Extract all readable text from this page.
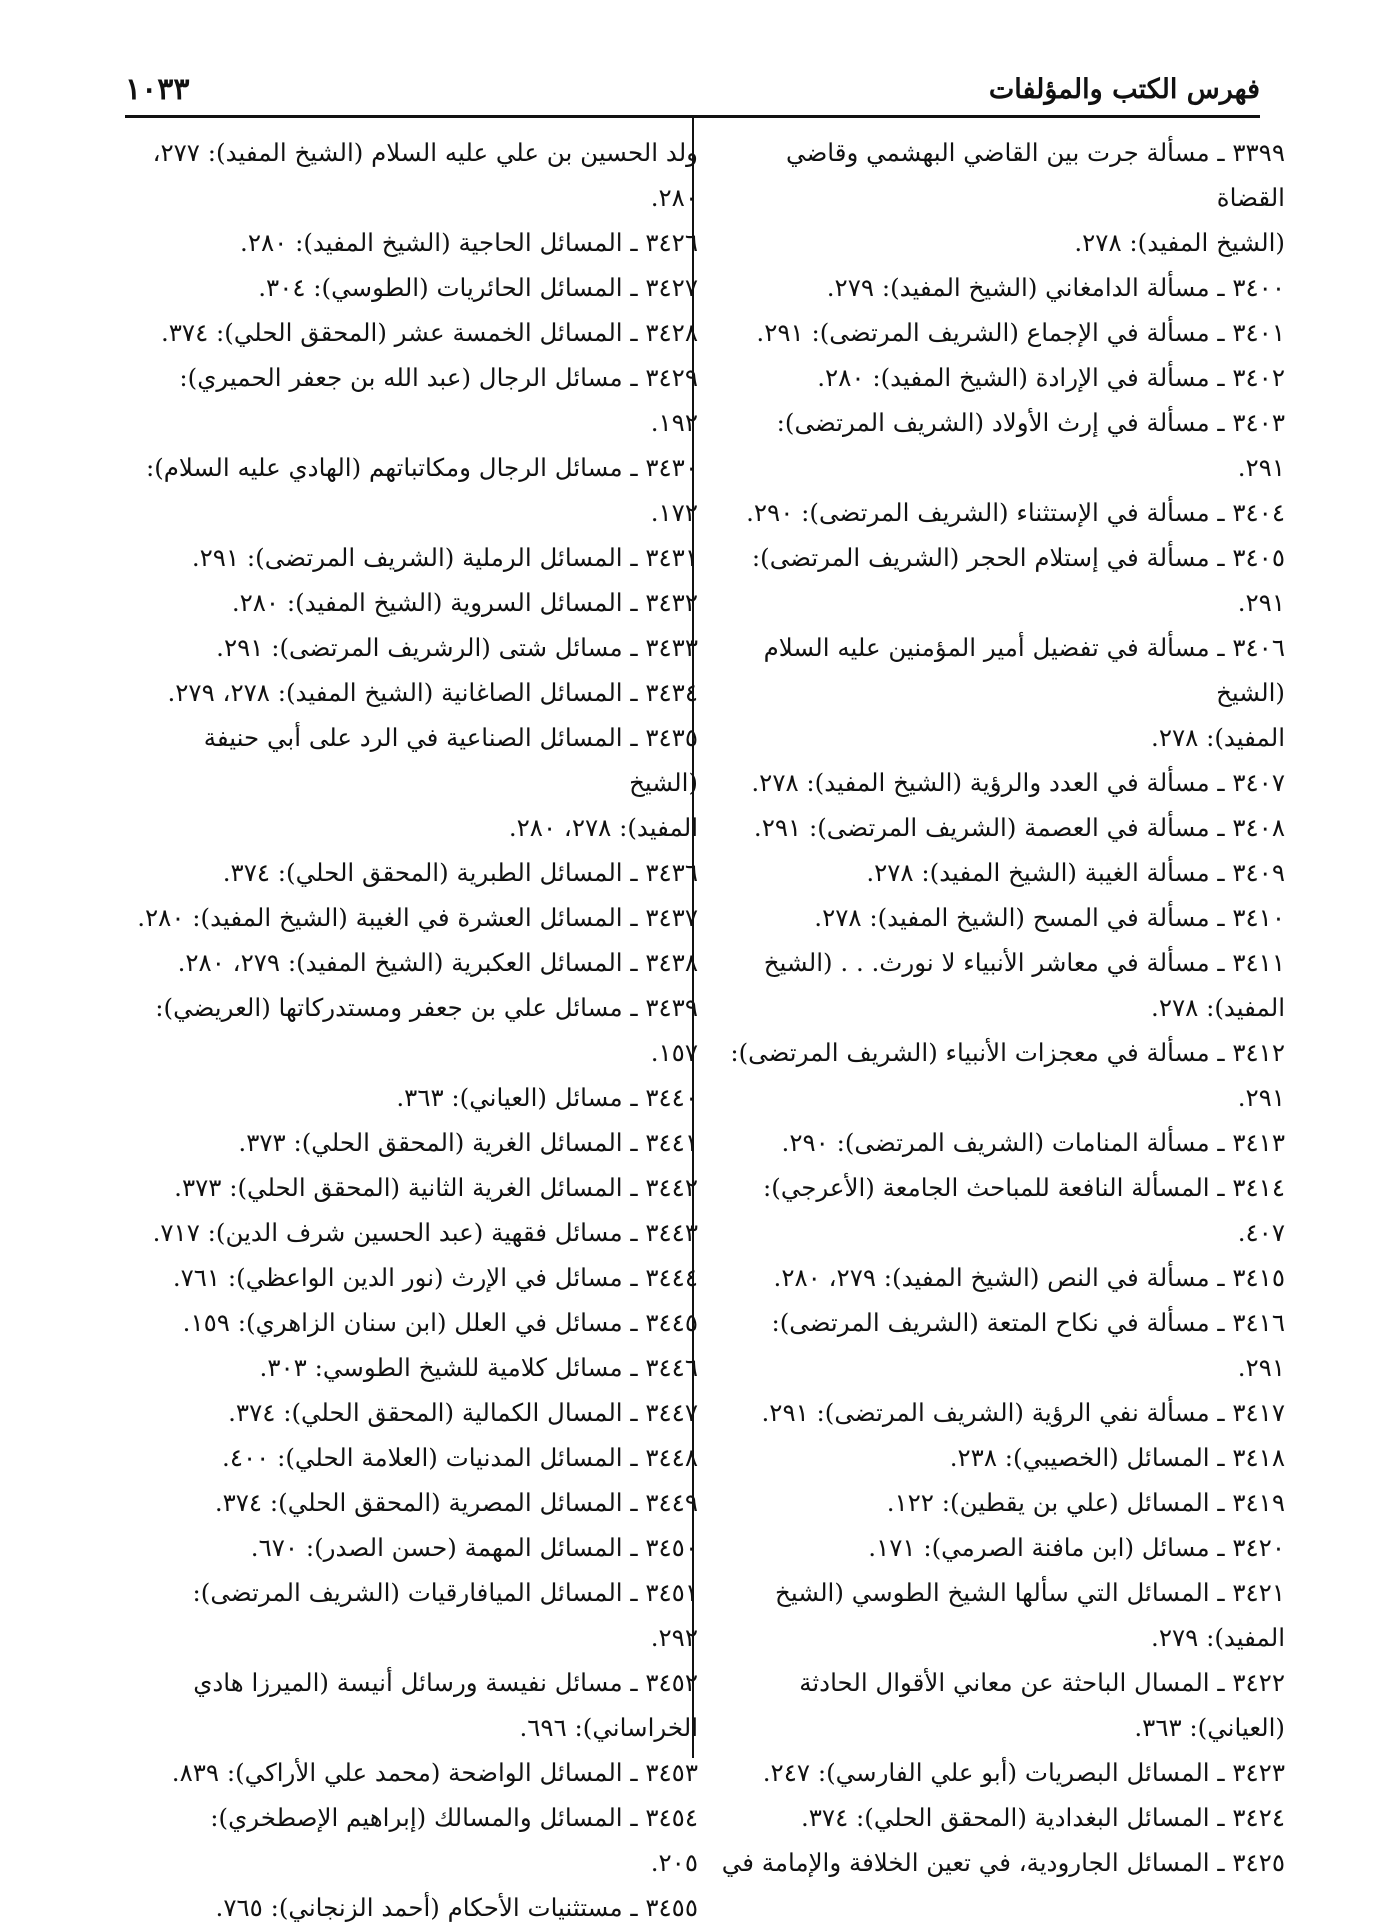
فهرس الكتب والمؤلفات
١٠٣٣

٣٣٩٩ ـ مسألة جرت بين القاضي البهشمي وقاضي القضاة

(الشيخ المفيد): ٢٧٨.

٣٤٠٠ ـ مسألة الدامغاني (الشيخ المفيد): ٢٧٩.

٣٤٠١ ـ مسألة في الإجماع (الشريف المرتضى): ٢٩١.

٣٤٠٢ ـ مسألة في الإرادة (الشيخ المفيد): ٢٨٠.

٣٤٠٣ ـ مسألة في إرث الأولاد (الشريف المرتضى):

٢٩١.

٣٤٠٤ ـ مسألة في الإستثناء (الشريف المرتضى): ٢٩٠.

٣٤٠٥ ـ مسألة في إستلام الحجر (الشريف المرتضى):

٢٩١.

٣٤٠٦ ـ مسألة في تفضيل أمير المؤمنين عليه السلام (الشيخ

المفيد): ٢٧٨.

٣٤٠٧ ـ مسألة في العدد والرؤية (الشيخ المفيد): ٢٧٨.

٣٤٠٨ ـ مسألة في العصمة (الشريف المرتضى): ٢٩١.

٣٤٠٩ ـ مسألة الغيبة (الشيخ المفيد): ٢٧٨.

٣٤١٠ ـ مسألة في المسح (الشيخ المفيد): ٢٧٨.

٣٤١١ ـ مسألة في معاشر الأنبياء لا نورث. . . (الشيخ

المفيد): ٢٧٨.

٣٤١٢ ـ مسألة في معجزات الأنبياء (الشريف المرتضى):

٢٩١.

٣٤١٣ ـ مسألة المنامات (الشريف المرتضى): ٢٩٠.

٣٤١٤ ـ المسألة النافعة للمباحث الجامعة (الأعرجي):

٤٠٧.

٣٤١٥ ـ مسألة في النص (الشيخ المفيد): ٢٧٩، ٢٨٠.

٣٤١٦ ـ مسألة في نكاح المتعة (الشريف المرتضى):

٢٩١.

٣٤١٧ ـ مسألة نفي الرؤية (الشريف المرتضى): ٢٩١.

٣٤١٨ ـ المسائل (الخصيبي): ٢٣٨.

٣٤١٩ ـ المسائل (علي بن يقطين): ١٢٢.

٣٤٢٠ ـ مسائل (ابن مافنة الصرمي): ١٧١.

٣٤٢١ ـ المسائل التي سألها الشيخ الطوسي (الشيخ

المفيد): ٢٧٩.

٣٤٢٢ ـ المسال الباحثة عن معاني الأقوال الحادثة

(العياني): ٣٦٣.

٣٤٢٣ ـ المسائل البصريات (أبو علي الفارسي): ٢٤٧.

٣٤٢٤ ـ المسائل البغدادية (المحقق الحلي): ٣٧٤.

٣٤٢٥ ـ المسائل الجارودية، في تعين الخلافة والإمامة في

ولد الحسين بن علي عليه السلام (الشيخ المفيد): ٢٧٧،

٢٨٠.

٣٤٢٦ ـ المسائل الحاجية (الشيخ المفيد): ٢٨٠.

٣٤٢٧ ـ المسائل الحائريات (الطوسي): ٣٠٤.

٣٤٢٨ ـ المسائل الخمسة عشر (المحقق الحلي): ٣٧٤.

٣٤٢٩ ـ مسائل الرجال (عبد الله بن جعفر الحميري):

١٩٢.

٣٤٣٠ ـ مسائل الرجال ومكاتباتهم (الهادي عليه السلام): ١٧٢.

٣٤٣١ ـ المسائل الرملية (الشريف المرتضى): ٢٩١.

٣٤٣٢ ـ المسائل السروية (الشيخ المفيد): ٢٨٠.

٣٤٣٣ ـ مسائل شتى (الرشريف المرتضى): ٢٩١.

٣٤٣٤ ـ المسائل الصاغانية (الشيخ المفيد): ٢٧٨، ٢٧٩.

٣٤٣٥ ـ المسائل الصناعية في الرد على أبي حنيفة (الشيخ

المفيد): ٢٧٨، ٢٨٠.

٣٤٣٦ ـ المسائل الطبرية (المحقق الحلي): ٣٧٤.

٣٤٣٧ ـ المسائل العشرة في الغيبة (الشيخ المفيد): ٢٨٠.

٣٤٣٨ ـ المسائل العكبرية (الشيخ المفيد): ٢٧٩، ٢٨٠.

٣٤٣٩ ـ مسائل علي بن جعفر ومستدركاتها (العريضي):

١٥٧.

٣٤٤٠ ـ مسائل (العياني): ٣٦٣.

٣٤٤١ ـ المسائل الغرية (المحقق الحلي): ٣٧٣.

٣٤٤٢ ـ المسائل الغرية الثانية (المحقق الحلي): ٣٧٣.

٣٤٤٣ ـ مسائل فقهية (عبد الحسين شرف الدين): ٧١٧.

٣٤٤٤ ـ مسائل في الإرث (نور الدين الواعظي): ٧٦١.

٣٤٤٥ ـ مسائل في العلل (ابن سنان الزاهري): ١٥٩.

٣٤٤٦ ـ مسائل كلامية للشيخ الطوسي: ٣٠٣.

٣٤٤٧ ـ المسال الكمالية (المحقق الحلي): ٣٧٤.

٣٤٤٨ ـ المسائل المدنيات (العلامة الحلي): ٤٠٠.

٣٤٤٩ ـ المسائل المصرية (المحقق الحلي): ٣٧٤.

٣٤٥٠ ـ المسائل المهمة (حسن الصدر): ٦٧٠.

٣٤٥١ ـ المسائل الميافارقيات (الشريف المرتضى):

٢٩٢.

٣٤٥٢ ـ مسائل نفيسة ورسائل أنيسة (الميرزا هادي

الخراساني): ٦٩٦.

٣٤٥٣ ـ المسائل الواضحة (محمد علي الأراكي): ٨٣٩.

٣٤٥٤ ـ المسائل والمسالك (إبراهيم الإصطخري):

٢٠٥.

٣٤٥٥ ـ مستثنيات الأحكام (أحمد الزنجاني): ٧٦٥.
